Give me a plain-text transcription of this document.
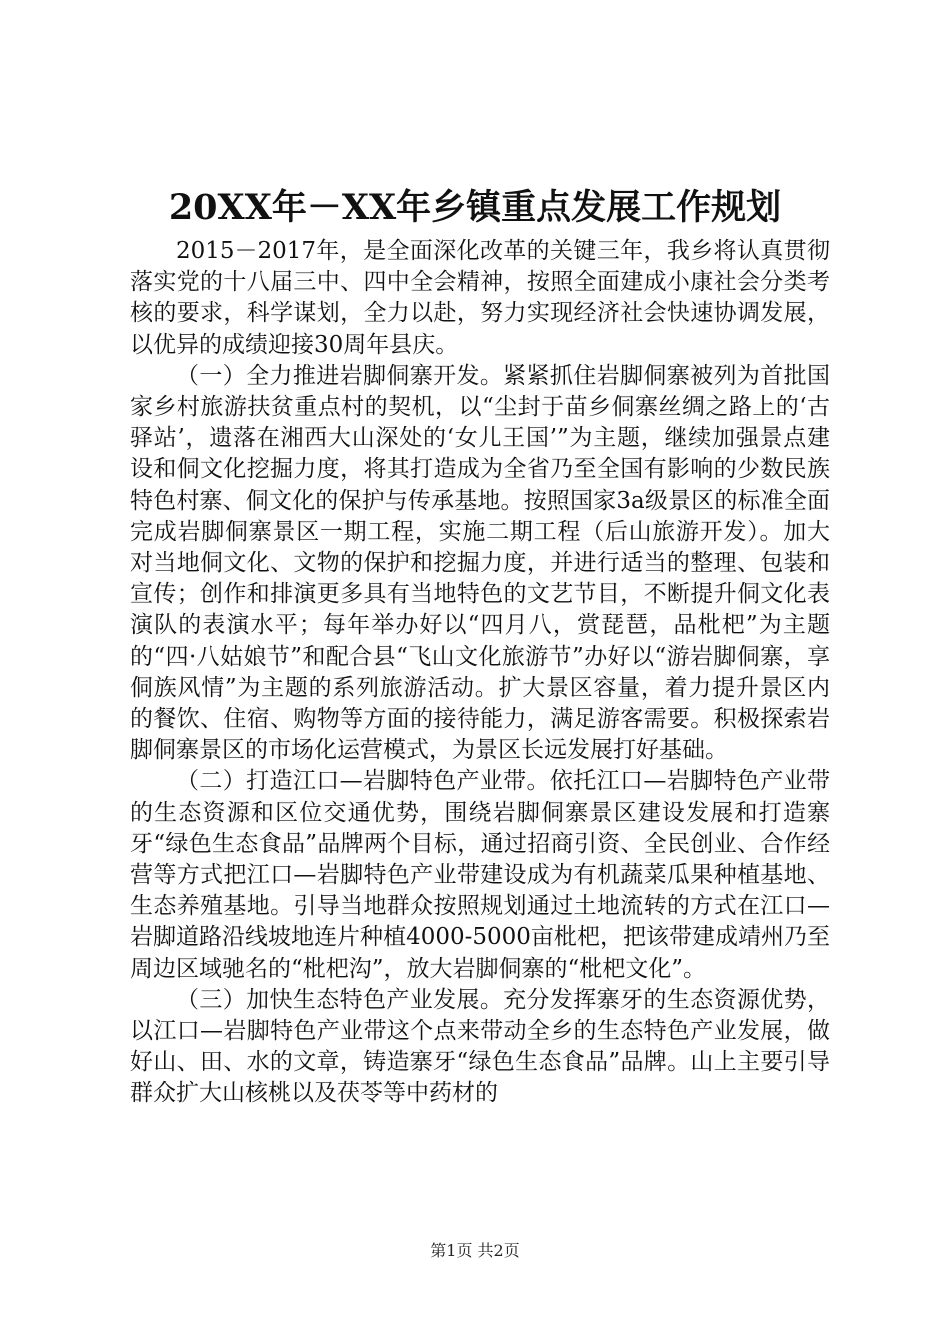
20XX年－XX年乡镇重点发展工作规划

2015－2017年，是全面深化改革的关键三年，我乡将认真贯彻落实党的十八届三中、四中全会精神，按照全面建成小康社会分类考核的要求，科学谋划，全力以赴，努力实现经济社会快速协调发展，以优异的成绩迎接30周年县庆。

（一）全力推进岩脚侗寨开发。紧紧抓住岩脚侗寨被列为首批国家乡村旅游扶贫重点村的契机，以“尘封于苗乡侗寨丝绸之路上的‘古驿站’，遗落在湘西大山深处的‘女儿王国’”为主题，继续加强景点建设和侗文化挖掘力度，将其打造成为全省乃至全国有影响的少数民族特色村寨、侗文化的保护与传承基地。按照国家3a级景区的标准全面完成岩脚侗寨景区一期工程，实施二期工程（后山旅游开发）。加大对当地侗文化、文物的保护和挖掘力度，并进行适当的整理、包装和宣传；创作和排演更多具有当地特色的文艺节目，不断提升侗文化表演队的表演水平；每年举办好以“四月八，赏琵琶，品枇杷”为主题的“四·八姑娘节”和配合县“飞山文化旅游节”办好以“游岩脚侗寨，享侗族风情”为主题的系列旅游活动。扩大景区容量，着力提升景区内的餐饮、住宿、购物等方面的接待能力，满足游客需要。积极探索岩脚侗寨景区的市场化运营模式，为景区长远发展打好基础。

（二）打造江口—岩脚特色产业带。依托江口—岩脚特色产业带的生态资源和区位交通优势，围绕岩脚侗寨景区建设发展和打造寨牙“绿色生态食品”品牌两个目标，通过招商引资、全民创业、合作经营等方式把江口—岩脚特色产业带建设成为有机蔬菜瓜果种植基地、生态养殖基地。引导当地群众按照规划通过土地流转的方式在江口—岩脚道路沿线坡地连片种植4000-5000亩枇杷，把该带建成靖州乃至周边区域驰名的“枇杷沟”，放大岩脚侗寨的“枇杷文化”。

（三）加快生态特色产业发展。充分发挥寨牙的生态资源优势，以江口—岩脚特色产业带这个点来带动全乡的生态特色产业发展，做好山、田、水的文章，铸造寨牙“绿色生态食品”品牌。山上主要引导群众扩大山核桃以及茯苓等中药材的

第1页 共2页
